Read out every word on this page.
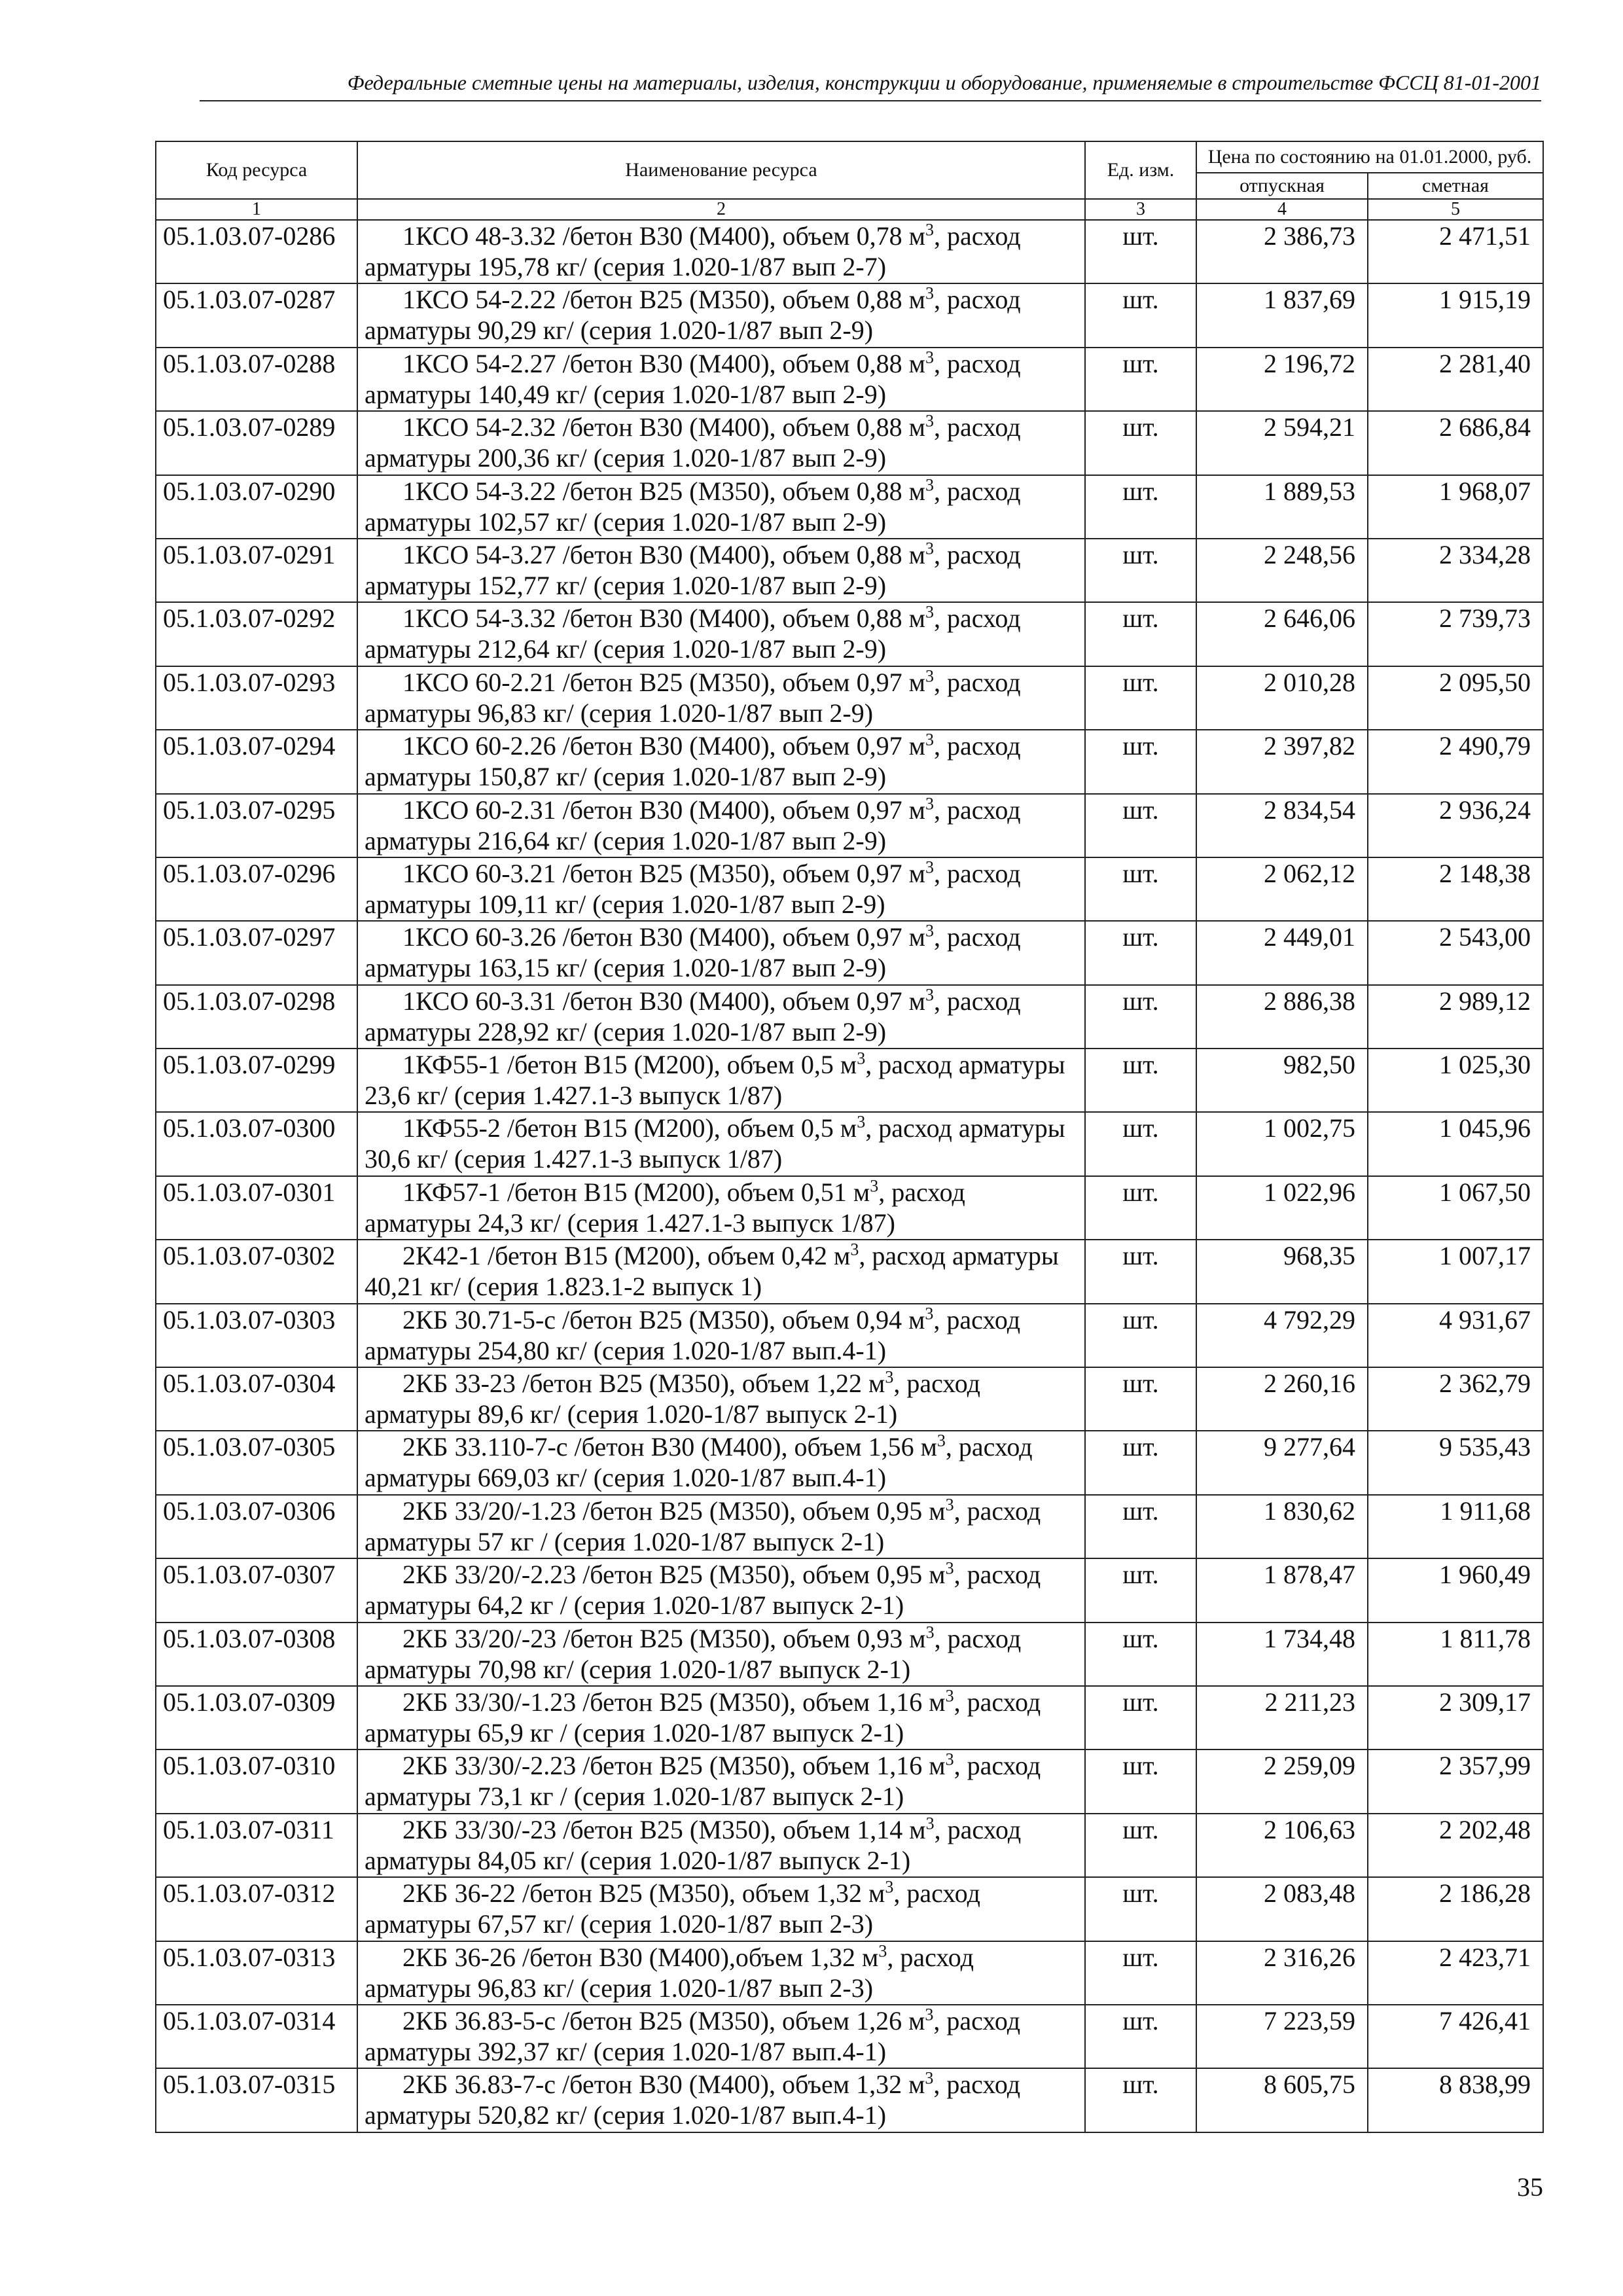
Федеральные сметные цены на материалы, изделия, конструкции и оборудование, применяемые в строительстве ФССЦ 81-01-2001
Код ресурса	Наименование ресурса	Ед. изм.	Цена по состоянию на 01.01.2000, руб.	
			отпускная	сметная
1	2	3	4	5
05.1.03.07-0286	1КСО 48-3.32 /бетон В30 (М400), объем 0,78 $м^3$, расход арматуры 195,78 кг/ (серия 1.020-1/87 вып 2-7)	шт.	2 386,73	2 471,51
05.1.03.07-0287	1КСО 54-2.22 /бетон В25 (М350), объем 0,88 $м^3$, расход арматуры 90,29 кг/ (серия 1.020-1/87 вып 2-9)	шт.	1 837,69	1 915,19
05.1.03.07-0288	1КСО 54-2.27 /бетон В30 (М400), объем 0,88 $м^3$, расход арматуры 140,49 кг/ (серия 1.020-1/87 вып 2-9)	шт.	2 196,72	2 281,40
05.1.03.07-0289	1КСО 54-2.32 /бетон В30 (М400), объем 0,88 $м^3$, расход арматуры 200,36 кг/ (серия 1.020-1/87 вып 2-9)	шт.	2 594,21	2 686,84
05.1.03.07-0290	1КСО 54-3.22 /бетон В25 (М350), объем 0,88 $м^3$, расход арматуры 102,57 кг/ (серия 1.020-1/87 вып 2-9)	шт.	1 889,53	1 968,07
05.1.03.07-0291	1КСО 54-3.27 /бетон В30 (М400), объем 0,88 $м^3$, расход арматуры 152,77 кг/ (серия 1.020-1/87 вып 2-9)	шт.	2 248,56	2 334,28
05.1.03.07-0292	1КСО 54-3.32 /бетон В30 (М400), объем 0,88 $м^3$, расход арматуры 212,64 кг/ (серия 1.020-1/87 вып 2-9)	шт.	2 646,06	2 739,73
05.1.03.07-0293	1КСО 60-2.21 /бетон В25 (М350), объем 0,97 $м^3$, расход арматуры 96,83 кг/ (серия 1.020-1/87 вып 2-9)	шт.	2 010,28	2 095,50
05.1.03.07-0294	1КСО 60-2.26 /бетон В30 (М400), объем 0,97 $м^3$, расход арматуры 150,87 кг/ (серия 1.020-1/87 вып 2-9)	шт.	2 397,82	2 490,79
05.1.03.07-0295	1КСО 60-2.31 /бетон В30 (М400), объем 0,97 $м^3$, расход арматуры 216,64 кг/ (серия 1.020-1/87 вып 2-9)	шт.	2 834,54	2 936,24
05.1.03.07-0296	1КСО 60-3.21 /бетон В25 (М350), объем 0,97 $м^3$, расход арматуры 109,11 кг/ (серия 1.020-1/87 вып 2-9)	шт.	2 062,12	2 148,38
05.1.03.07-0297	1КСО 60-3.26 /бетон В30 (М400), объем 0,97 $м^3$, расход арматуры 163,15 кг/ (серия 1.020-1/87 вып 2-9)	шт.	2 449,01	2 543,00
05.1.03.07-0298	1КСО 60-3.31 /бетон В30 (М400), объем 0,97 $м^3$, расход арматуры 228,92 кг/ (серия 1.020-1/87 вып 2-9)	шт.	2 886,38	2 989,12
05.1.03.07-0299	1КФ55-1 /бетон В15 (М200), объем 0,5 $м^3$, расход арматуры 23,6 кг/ (серия 1.427.1-3 выпуск 1/87)	шт.	982,50	1 025,30
05.1.03.07-0300	1КФ55-2 /бетон В15 (М200), объем 0,5 $м^3$, расход арматуры 30,6 кг/ (серия 1.427.1-3 выпуск 1/87)	шт.	1 002,75	1 045,96
05.1.03.07-0301	1КФ57-1 /бетон В15 (М200), объем 0,51 $м^3$, расход арматуры 24,3 кг/ (серия 1.427.1-3 выпуск 1/87)	шт.	1 022,96	1 067,50
05.1.03.07-0302	2К42-1 /бетон В15 (М200), объем 0,42 $м^3$, расход арматуры 40,21 кг/ (серия 1.823.1-2 выпуск 1)	шт.	968,35	1 007,17
05.1.03.07-0303	2КБ 30.71-5-с /бетон В25 (М350), объем 0,94 $м^3$, расход арматуры 254,80 кг/ (серия 1.020-1/87 вып.4-1)	шт.	4 792,29	4 931,67
05.1.03.07-0304	2КБ 33-23 /бетон В25 (М350), объем 1,22 $м^3$, расход арматуры 89,6 кг/ (серия 1.020-1/87 выпуск 2-1)	шт.	2 260,16	2 362,79
05.1.03.07-0305	2КБ 33.110-7-с /бетон В30 (М400), объем 1,56 $м^3$, расход арматуры 669,03 кг/ (серия 1.020-1/87 вып.4-1)	шт.	9 277,64	9 535,43
05.1.03.07-0306	2КБ 33/20/-1.23 /бетон В25 (М350), объем 0,95 $м^3$, расход арматуры 57 кг / (серия 1.020-1/87 выпуск 2-1)	шт.	1 830,62	1 911,68
05.1.03.07-0307	2КБ 33/20/-2.23 /бетон В25 (М350), объем 0,95 $м^3$, расход арматуры 64,2 кг / (серия 1.020-1/87 выпуск 2-1)	шт.	1 878,47	1 960,49
05.1.03.07-0308	2КБ 33/20/-23 /бетон В25 (М350), объем 0,93 $м^3$, расход арматуры 70,98 кг/ (серия 1.020-1/87 выпуск 2-1)	шт.	1 734,48	1 811,78
05.1.03.07-0309	2КБ 33/30/-1.23 /бетон В25 (М350), объем 1,16 $м^3$, расход арматуры 65,9 кг / (серия 1.020-1/87 выпуск 2-1)	шт.	2 211,23	2 309,17
05.1.03.07-0310	2КБ 33/30/-2.23 /бетон В25 (М350), объем 1,16 $м^3$, расход арматуры 73,1 кг / (серия 1.020-1/87 выпуск 2-1)	шт.	2 259,09	2 357,99
05.1.03.07-0311	2КБ 33/30/-23 /бетон В25 (М350), объем 1,14 $м^3$, расход арматуры 84,05 кг/ (серия 1.020-1/87 выпуск 2-1)	шт.	2 106,63	2 202,48
05.1.03.07-0312	2КБ 36-22 /бетон В25 (М350), объем 1,32 $м^3$, расход арматуры 67,57 кг/ (серия 1.020-1/87 вып 2-3)	шт.	2 083,48	2 186,28
05.1.03.07-0313	2КБ 36-26 /бетон В30 (М400),объем 1,32 $м^3$, расход арматуры 96,83 кг/ (серия 1.020-1/87 вып 2-3)	шт.	2 316,26	2 423,71
05.1.03.07-0314	2КБ 36.83-5-с /бетон В25 (М350), объем 1,26 $м^3$, расход арматуры 392,37 кг/ (серия 1.020-1/87 вып.4-1)	шт.	7 223,59	7 426,41
05.1.03.07-0315	2КБ 36.83-7-с /бетон В30 (М400), объем 1,32 $м^3$, расход арматуры 520,82 кг/ (серия 1.020-1/87 вып.4-1)	шт.	8 605,75	8 838,99
35
